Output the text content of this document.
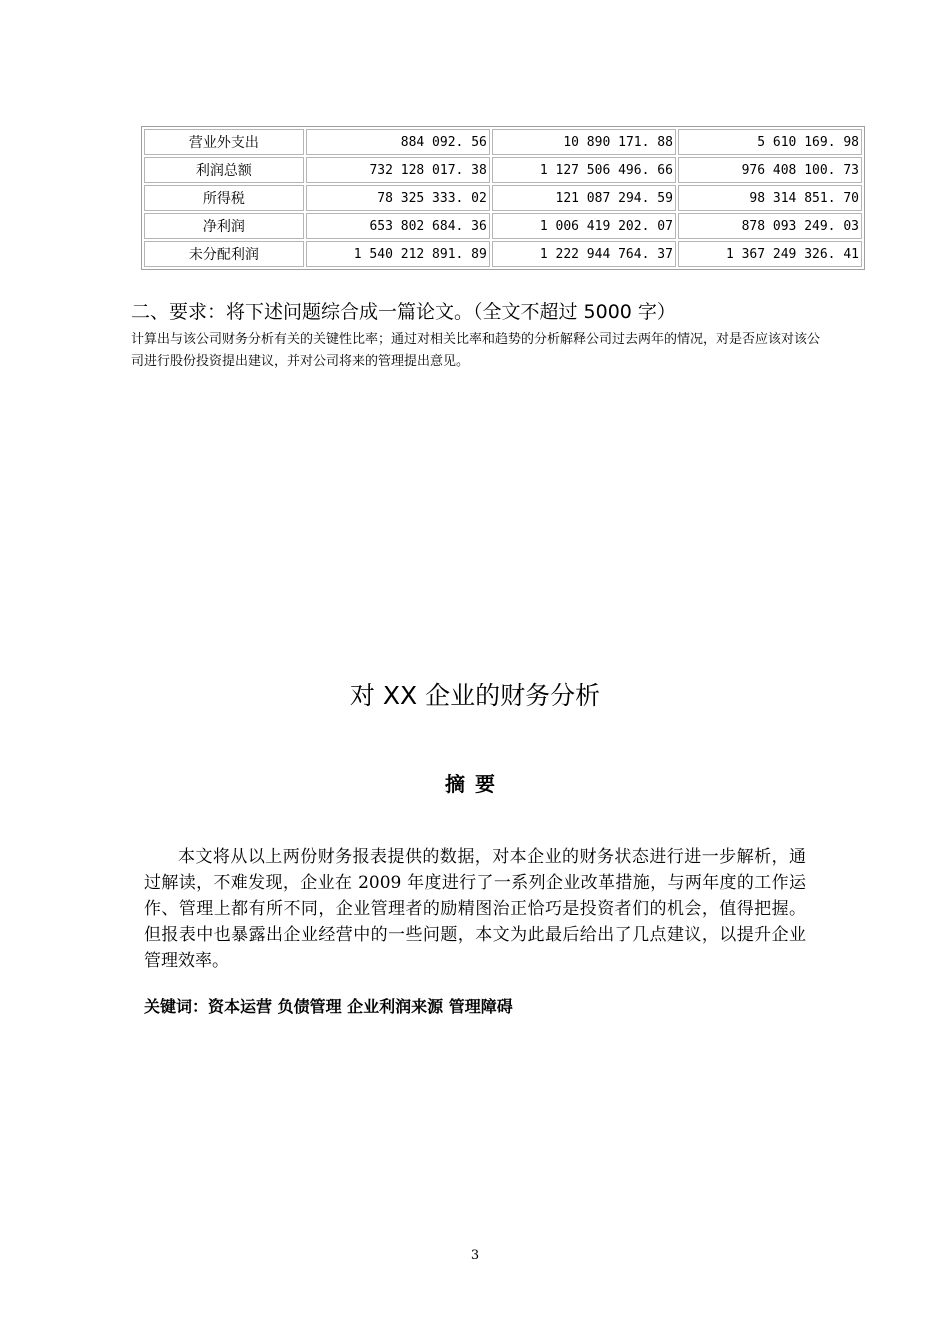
营业外支出	884 092. 56	10 890 171. 88	5 610 169. 98
利润总额	732 128 017. 38	1 127 506 496. 66	976 408 100. 73
所得税	78 325 333. 02	121 087 294. 59	98 314 851. 70
净利润	653 802 684. 36	1 006 419 202. 07	878 093 249. 03
未分配利润	1 540 212 891. 89	1 222 944 764. 37	1 367 249 326. 41
二、要求：将下述问题综合成一篇论文。（全文不超过 5000 字）
计算出与该公司财务分析有关的关键性比率；通过对相关比率和趋势的分析解释公司过去两年的情况，对是否应该对该公司进行股份投资提出建议，并对公司将来的管理提出意见。
对 XX 企业的财务分析
摘要
本文将从以上两份财务报表提供的数据，对本企业的财务状态进行进一步解析，通过解读，不难发现，企业在 2009 年度进行了一系列企业改革措施，与两年度的工作运作、管理上都有所不同，企业管理者的励精图治正恰巧是投资者们的机会，值得把握。但报表中也暴露出企业经营中的一些问题，本文为此最后给出了几点建议，以提升企业管理效率。
关键词：资本运营 负债管理 企业利润来源 管理障碍
3
